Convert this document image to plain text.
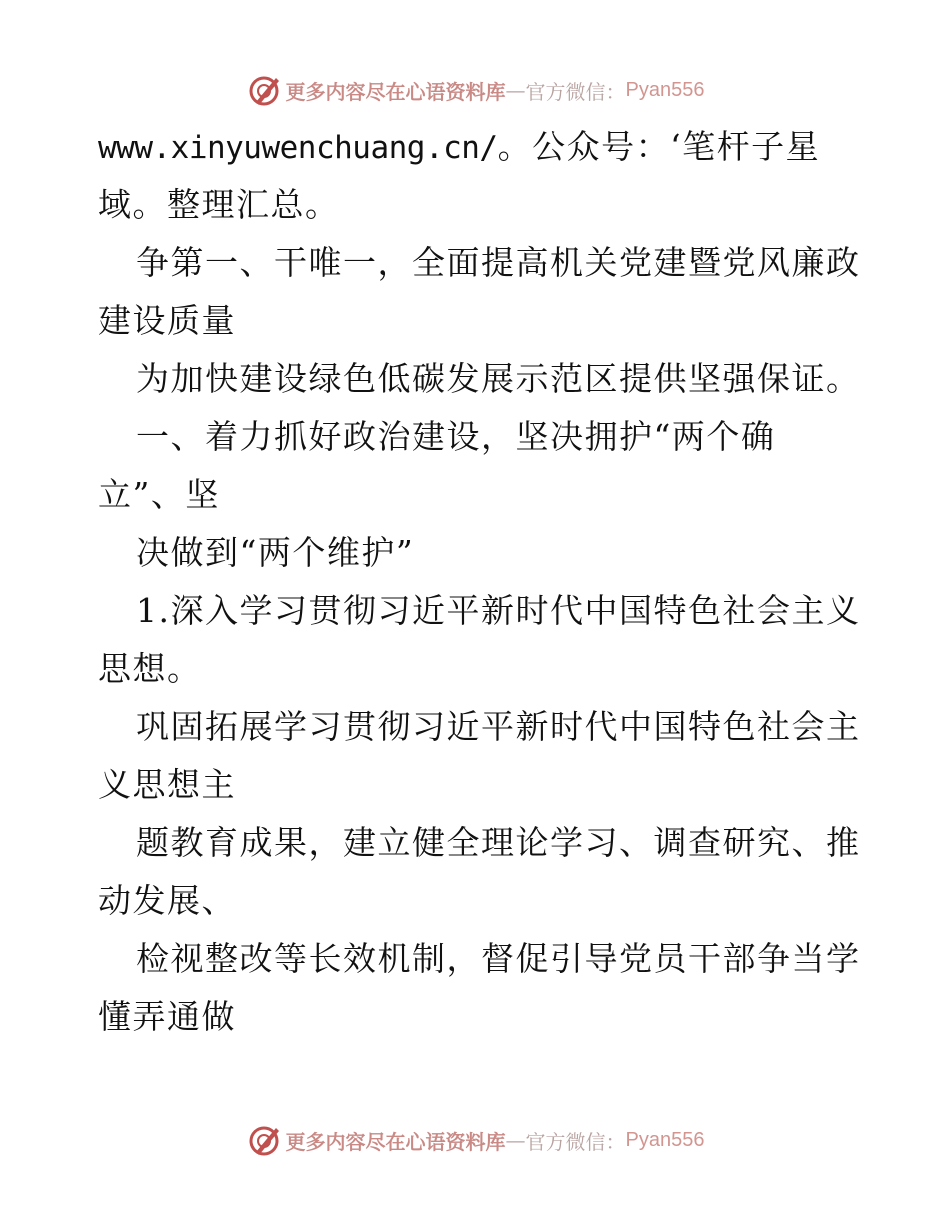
更多内容尽在心语资料库 — 官方微信： Pyan556
www.xinyuwenchuang.cn/。公众号：‘笔杆子星
域。整理汇总。
争第一、干唯一，全面提高机关党建暨党风廉政
建设质量
为加快建设绿色低碳发展示范区提供坚强保证。
一、着力抓好政治建设，坚决拥护“两个确
立”、坚
决做到“两个维护”
1.深入学习贯彻习近平新时代中国特色社会主义
思想。
巩固拓展学习贯彻习近平新时代中国特色社会主
义思想主
题教育成果，建立健全理论学习、调查研究、推
动发展、
检视整改等长效机制，督促引导党员干部争当学
懂弄通做
更多内容尽在心语资料库 — 官方微信： Pyan556
